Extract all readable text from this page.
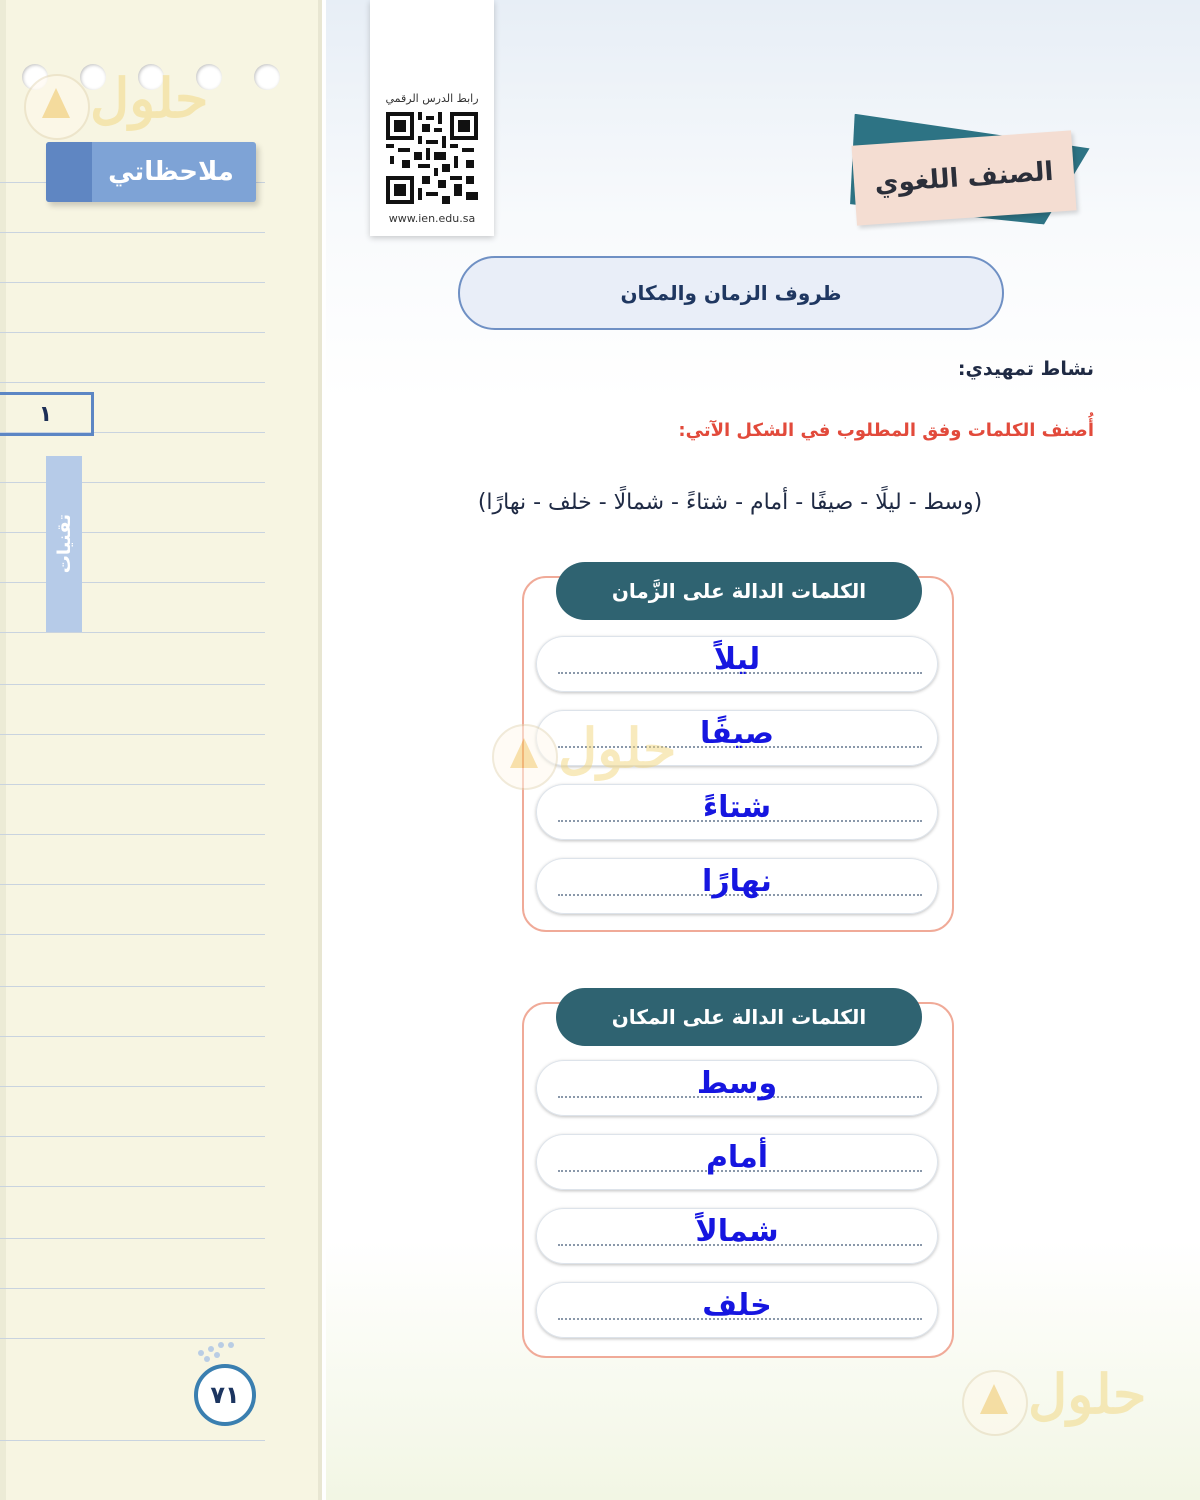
ملاحظاتي
١
تقنيات
٧١
حلول	رابط الدرس الرقمي
www.ien.edu.sa
الصنف اللغوي
ظروف الزمان والمكان
نشاط تمهيدي:
أُصنف الكلمات وفق المطلوب في الشكل الآتي:
(وسط - ليلًا - صيفًا - أمام - شتاءً - شمالًا - خلف - نهارًا)
الكلمات الدالة على الزَّمان
ليلاً
صيفًا
شتاءً
نهارًا
الكلمات الدالة على المكان
وسط
أمام
شمالاً
خلف
حلول
حلول
